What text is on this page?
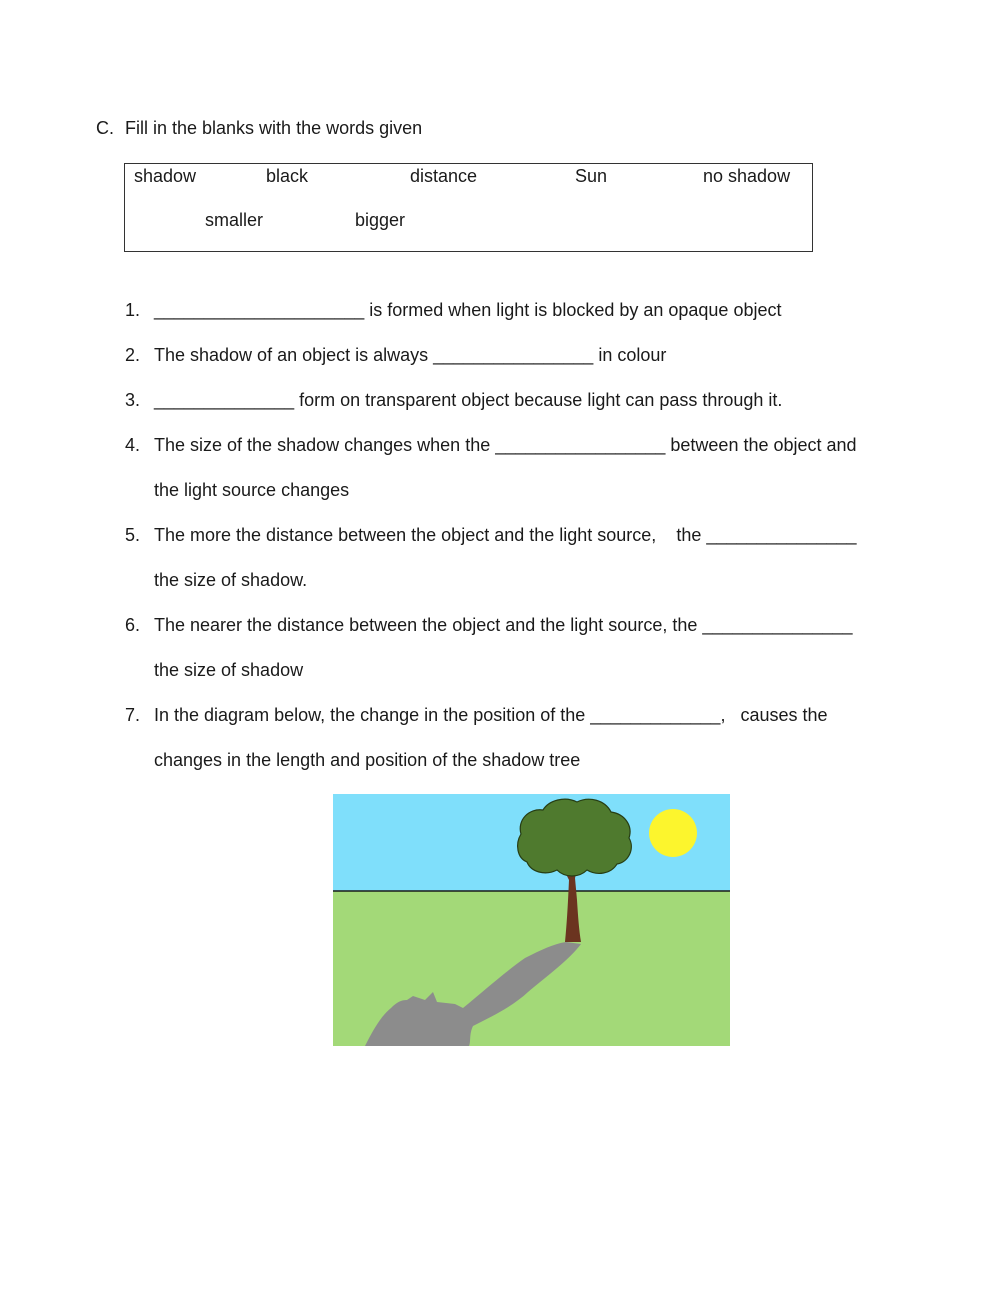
C. Fill in the blanks with the words given
shadow	black	distance	Sun	no shadow
smaller	bigger
1. _____________________ is formed when light is blocked by an opaque object
2. The shadow of an object is always ________________ in colour
3. ______________ form on transparent object because light can pass through it.
4. The size of the shadow changes when the _________________ between the object and
the light source changes
5. The more the distance between the object and the light source,    the _______________
the size of shadow.
6. The nearer the distance between the object and the light source, the _______________
the size of shadow
7. In the diagram below, the change in the position of the _____________,   causes the
changes in the length and position of the shadow tree
